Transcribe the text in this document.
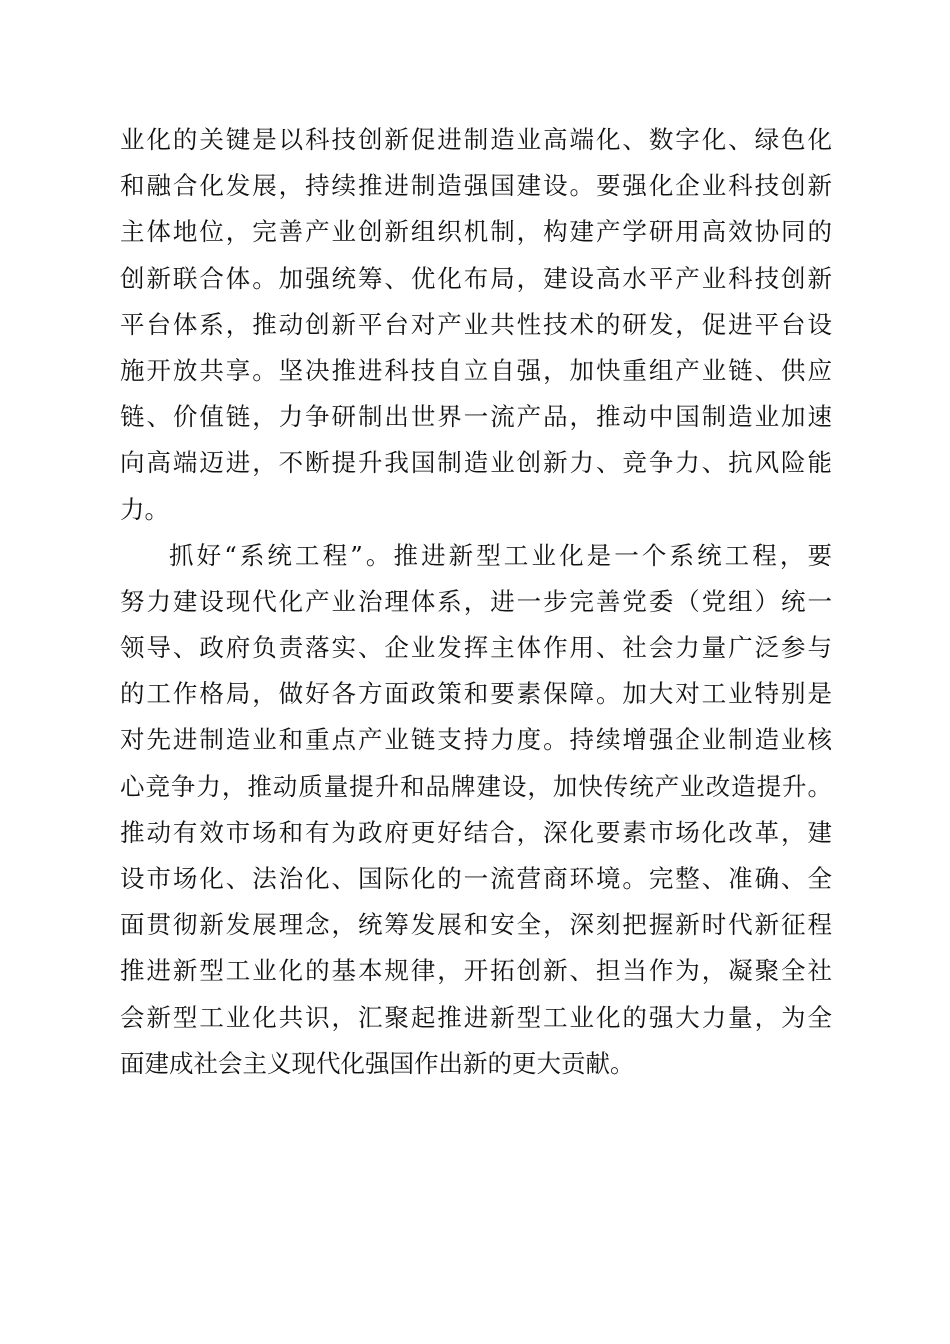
业化的关键是以科技创新促进制造业高端化、数字化、绿色化
和融合化发展，持续推进制造强国建设。要强化企业科技创新
主体地位，完善产业创新组织机制，构建产学研用高效协同的
创新联合体。加强统筹、优化布局，建设高水平产业科技创新
平台体系，推动创新平台对产业共性技术的研发，促进平台设
施开放共享。坚决推进科技自立自强，加快重组产业链、供应
链、价值链，力争研制出世界一流产品，推动中国制造业加速
向高端迈进，不断提升我国制造业创新力、竞争力、抗风险能
力。
抓好“系统工程”。推进新型工业化是一个系统工程，要
努力建设现代化产业治理体系，进一步完善党委（党组）统一
领导、政府负责落实、企业发挥主体作用、社会力量广泛参与
的工作格局，做好各方面政策和要素保障。加大对工业特别是
对先进制造业和重点产业链支持力度。持续增强企业制造业核
心竞争力，推动质量提升和品牌建设，加快传统产业改造提升。
推动有效市场和有为政府更好结合，深化要素市场化改革，建
设市场化、法治化、国际化的一流营商环境。完整、准确、全
面贯彻新发展理念，统筹发展和安全，深刻把握新时代新征程
推进新型工业化的基本规律，开拓创新、担当作为，凝聚全社
会新型工业化共识，汇聚起推进新型工业化的强大力量，为全
面建成社会主义现代化强国作出新的更大贡献。
